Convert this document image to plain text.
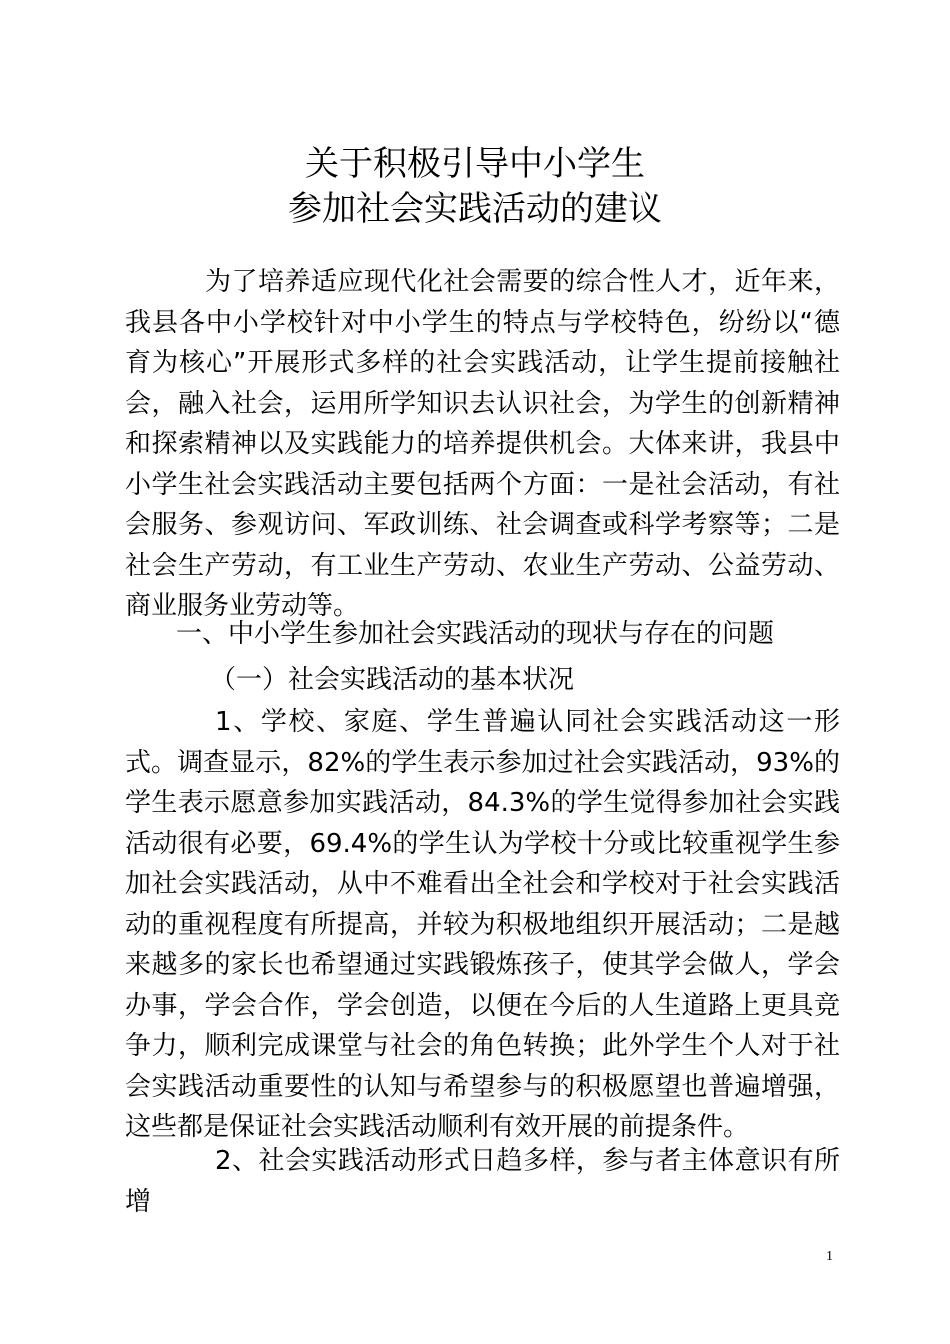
关于积极引导中小学生
参加社会实践活动的建议

为了培养适应现代化社会需要的综合性人才，近年来，我县各中小学校针对中小学生的特点与学校特色，纷纷以“德育为核心”开展形式多样的社会实践活动，让学生提前接触社会，融入社会，运用所学知识去认识社会，为学生的创新精神和探索精神以及实践能力的培养提供机会。大体来讲，我县中小学生社会实践活动主要包括两个方面：一是社会活动，有社会服务、参观访问、军政训练、社会调查或科学考察等；二是社会生产劳动，有工业生产劳动、农业生产劳动、公益劳动、商业服务业劳动等。

一、中小学生参加社会实践活动的现状与存在的问题

（一）社会实践活动的基本状况

1、学校、家庭、学生普遍认同社会实践活动这一形式。调查显示，82%的学生表示参加过社会实践活动，93%的学生表示愿意参加实践活动，84.3%的学生觉得参加社会实践活动很有必要，69.4%的学生认为学校十分或比较重视学生参加社会实践活动，从中不难看出全社会和学校对于社会实践活动的重视程度有所提高，并较为积极地组织开展活动；二是越来越多的家长也希望通过实践锻炼孩子，使其学会做人，学会办事，学会合作，学会创造，以便在今后的人生道路上更具竞争力，顺利完成课堂与社会的角色转换；此外学生个人对于社会实践活动重要性的认知与希望参与的积极愿望也普遍增强，这些都是保证社会实践活动顺利有效开展的前提条件。

2、社会实践活动形式日趋多样，参与者主体意识有所增

1
